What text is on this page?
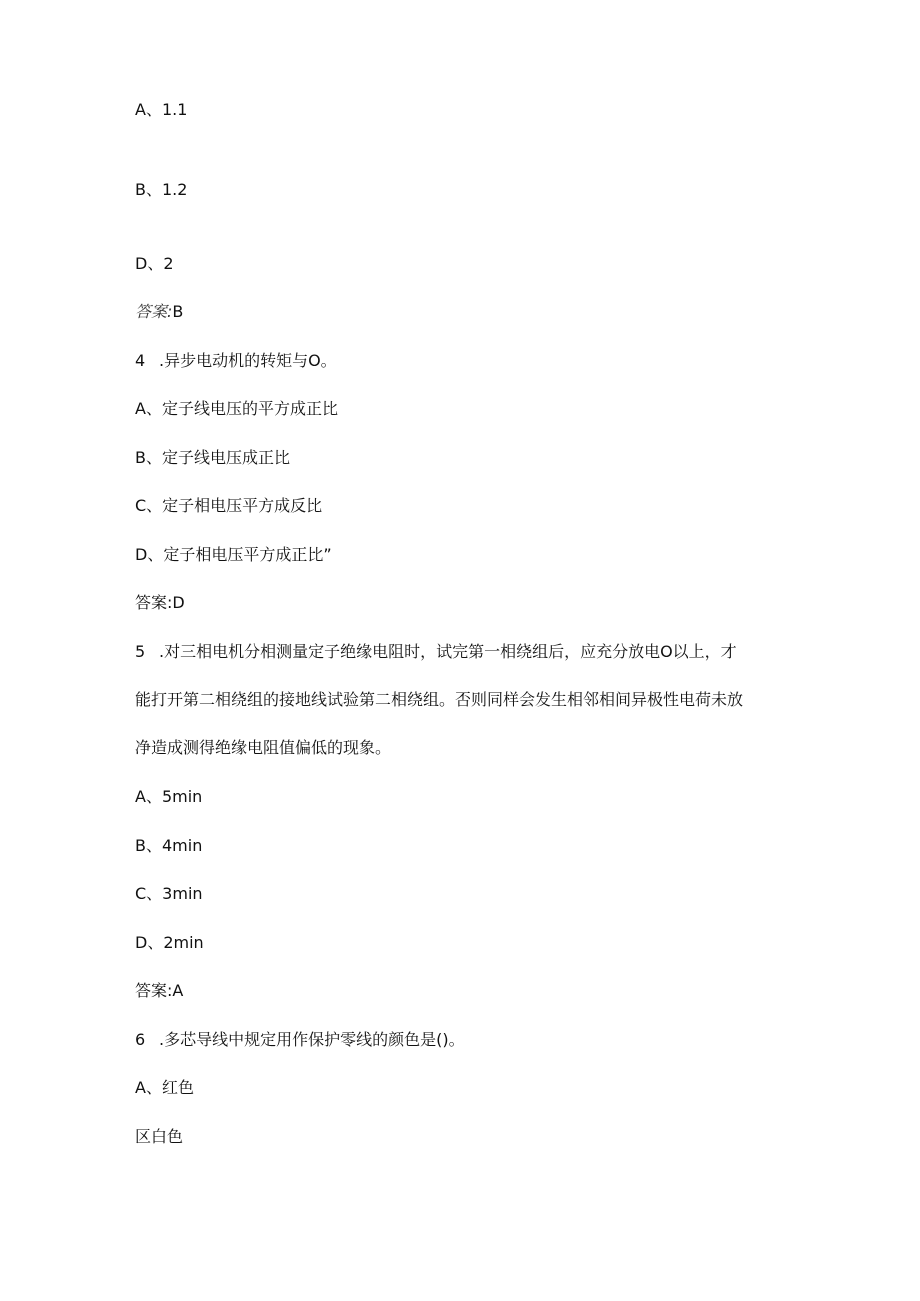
A、1.1
B、1.2
D、2
答案:B
4 .异步电动机的转矩与O。
A、定子线电压的平方成正比
B、定子线电压成正比
C、定子相电压平方成反比
D、定子相电压平方成正比”
答案:D
5 .对三相电机分相测量定子绝缘电阻时，试完第一相绕组后，应充分放电O以上，才
能打开第二相绕组的接地线试验第二相绕组。否则同样会发生相邻相间异极性电荷未放
净造成测得绝缘电阻值偏低的现象。
A、5min
B、4min
C、3min
D、2min
答案:A
6 .多芯导线中规定用作保护零线的颜色是()。
A、红色
区白色
